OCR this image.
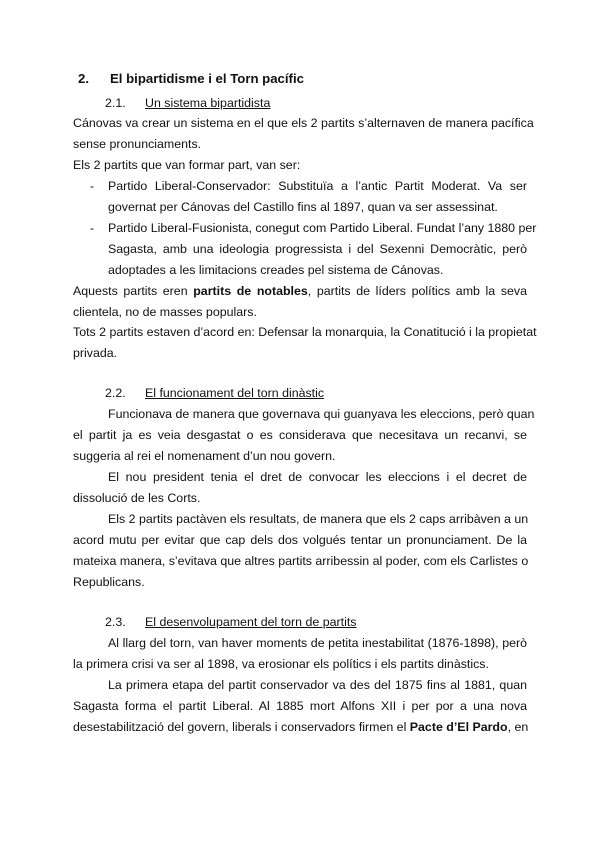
2. El bipartidisme i el Torn pacífic
2.1. Un sistema bipartidista
Cánovas va crear un sistema en el que els 2 partits s’alternaven de manera pacífica
sense pronunciaments.
Els 2 partits que van formar part, van ser:
- Partido Liberal-Conservador: Substituïa a l’antic Partit Moderat. Va ser
governat per Cánovas del Castillo fins al 1897, quan va ser assessinat.
- Partido Liberal-Fusionista, conegut com Partido Liberal. Fundat l’any 1880 per
Sagasta, amb una ideologia progressista i del Sexenni Democràtic, però
adoptades a les limitacions creades pel sistema de Cánovas.
Aquests partits eren partits de notables, partits de líders polítics amb la seva
clientela, no de masses populars.
Tots 2 partits estaven d’acord en: Defensar la monarquia, la Conatitució i la propietat
privada.
2.2. El funcionament del torn dinàstic
Funcionava de manera que governava qui guanyava les eleccions, però quan
el partit ja es veia desgastat o es considerava que necesitava un recanvi, se
suggeria al rei el nomenament d’un nou govern.
El nou president tenia el dret de convocar les eleccions i el decret de
dissolució de les Corts.
Els 2 partits pactàven els resultats, de manera que els 2 caps arribàven a un
acord mutu per evitar que cap dels dos volgués tentar un pronunciament. De la
mateixa manera, s’evitava que altres partits arribessin al poder, com els Carlistes o
Republicans.
2.3. El desenvolupament del torn de partits
Al llarg del torn, van haver moments de petita inestabilitat (1876-1898), però
la primera crisi va ser al 1898, va erosionar els polítics i els partits dinàstics.
La primera etapa del partit conservador va des del 1875 fins al 1881, quan
Sagasta forma el partit Liberal. Al 1885 mort Alfons XII i per por a una nova
desestabilització del govern, liberals i conservadors firmen el Pacte d’El Pardo, en
